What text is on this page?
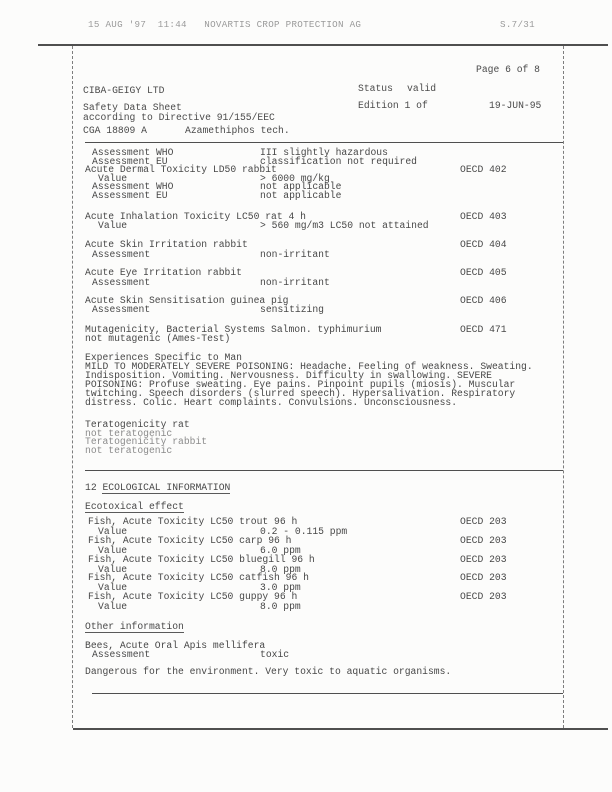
15 AUG '97  11:44   NOVARTIS CROP PROTECTION AG	S.7/31
Page 6 of 8
CIBA-GEIGY LTD	Status valid
Safety Data Sheet	Edition 1 of	19-JUN-95
according to Directive 91/155/EEC
CGA 18809 A	Azamethiphos tech.
Assessment WHO	III slightly hazardous
Assessment EU	classification not required
Acute Dermal Toxicity LD50 rabbit	OECD 402
Value	> 6000 mg/kg
Assessment WHO	not applicable
Assessment EU	not applicable
Acute Inhalation Toxicity LC50 rat 4 h	OECD 403
Value	> 560 mg/m3 LC50 not attained
Acute Skin Irritation rabbit	OECD 404
Assessment	non-irritant
Acute Eye Irritation rabbit	OECD 405
Assessment	non-irritant
Acute Skin Sensitisation guinea pig	OECD 406
Assessment	sensitizing
Mutagenicity, Bacterial Systems Salmon. typhimurium	OECD 471
not mutagenic (Ames-Test)
Experiences Specific to Man
MILD TO MODERATELY SEVERE POISONING: Headache. Feeling of weakness. Sweating.
Indisposition. Vomiting. Nervousness. Difficulty in swallowing. SEVERE
POISONING: Profuse sweating. Eye pains. Pinpoint pupils (miosis). Muscular
twitching. Speech disorders (slurred speech). Hypersalivation. Respiratory
distress. Colic. Heart complaints. Convulsions. Unconsciousness.
Teratogenicity rat
not teratogenic
Teratogenicity rabbit
not teratogenic
12 ECOLOGICAL INFORMATION
Ecotoxical effect
Fish, Acute Toxicity LC50 trout 96 h	OECD 203
Value	0.2 - 0.115 ppm
Fish, Acute Toxicity LC50 carp 96 h	OECD 203
Value	6.0 ppm
Fish, Acute Toxicity LC50 bluegill 96 h	OECD 203
Value	8.0 ppm
Fish, Acute Toxicity LC50 catfish 96 h	OECD 203
Value	3.0 ppm
Fish, Acute Toxicity LC50 guppy 96 h	OECD 203
Value	8.0 ppm
Other information
Bees, Acute Oral Apis mellifera
Assessment	toxic
Dangerous for the environment. Very toxic to aquatic organisms.
